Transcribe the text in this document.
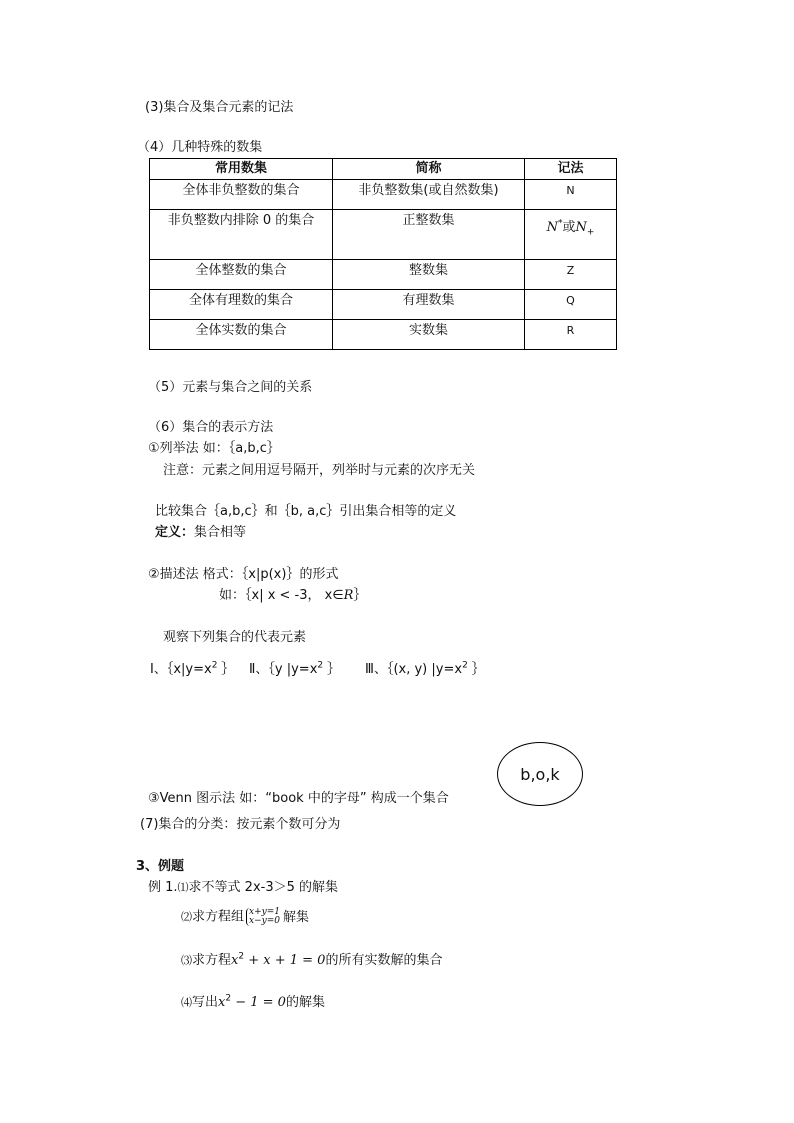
(3)集合及集合元素的记法
（4）几种特殊的数集
常用数集	简称	记法
全体非负整数的集合	非负整数集(或自然数集)	N
非负整数内排除 0 的集合	正整数集	N*或$N_+$
全体整数的集合	整数集	Z
全体有理数的集合	有理数集	Q
全体实数的集合	实数集	R
（5）元素与集合之间的关系
（6）集合的表示方法
①列举法 如：｛a,b,c｝
注意：元素之间用逗号隔开，列举时与元素的次序无关
比较集合｛a,b,c｝和｛b, a,c｝引出集合相等的定义
定义：集合相等
②描述法 格式：｛x|p(x)｝的形式
如：｛x| x < -3， x∈R｝
观察下列集合的代表元素
Ⅰ、$\{x|y=x^2$ ｝ Ⅱ、｛y $|y=x^2$ ｝ Ⅲ、｛(x, y) $|y=x^2$ ｝
b,o,k
③Venn 图示法 如：“book 中的字母” 构成一个集合
(7)集合的分类：按元素个数可分为
3、例题
例 1.⑴求不等式 2x-3＞5 的解集
⑵求方程组 x+y=1
x−y=0 解集
⑶求方程$x^2 + x + 1 = 0$的所有实数解的集合
⑷写出$x^2 - 1 = 0$的解集
